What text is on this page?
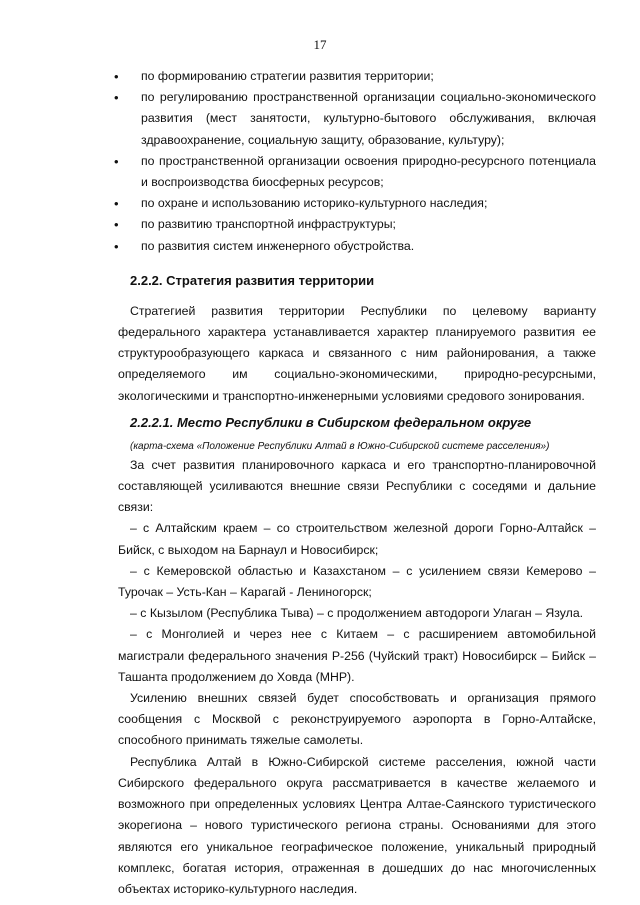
17
• по формированию стратегии развития территории;
• по регулированию пространственной организации социально-экономического развития (мест занятости, культурно-бытового обслуживания, включая здравоохранение, социальную защиту, образование, культуру);
• по пространственной организации освоения природно-ресурсного потенциала и воспроизводства биосферных ресурсов;
• по охране и использованию историко-культурного наследия;
• по развитию транспортной инфраструктуры;
• по развития систем инженерного обустройства.

2.2.2. Стратегия развития территории

Стратегией развития территории Республики по целевому варианту федерального характера устанавливается характер планируемого развития ее структурообразующего каркаса и связанного с ним районирования, а также определяемого им социально-экономическими, природно-ресурсными, экологическими и транспортно-инженерными условиями средового зонирования.

2.2.2.1. Место Республики в Сибирском федеральном округе

(карта-схема «Положение Республики Алтай в Южно-Сибирской системе расселения»)

За счет развития планировочного каркаса и его транспортно-планировочной составляющей усиливаются внешние связи Республики с соседями и дальние связи:

– с Алтайским краем – со строительством железной дороги Горно-Алтайск – Бийск, с выходом на Барнаул и Новосибирск;

– с Кемеровской областью и Казахстаном – с усилением связи Кемерово – Турочак – Усть-Кан – Карагай - Лениногорск;

– с Кызылом (Республика Тыва) – с продолжением автодороги Улаган – Язула.

– с Монголией и через нее с Китаем – с расширением автомобильной магистрали федерального значения Р-256 (Чуйский тракт) Новосибирск – Бийск – Ташанта продолжением до Ховда (МНР).

Усилению внешних связей будет способствовать и организация прямого сообщения с Москвой с реконструируемого аэропорта в Горно-Алтайске, способного принимать тяжелые самолеты.

Республика Алтай в Южно-Сибирской системе расселения, южной части Сибирского федерального округа рассматривается в качестве желаемого и возможного при определенных условиях Центра Алтае-Саянского туристического экорегиона – нового туристического региона страны. Основаниями для этого являются его уникальное географическое положение, уникальный природный комплекс, богатая история, отраженная в дошедших до нас многочисленных объектах историко-культурного наследия.
